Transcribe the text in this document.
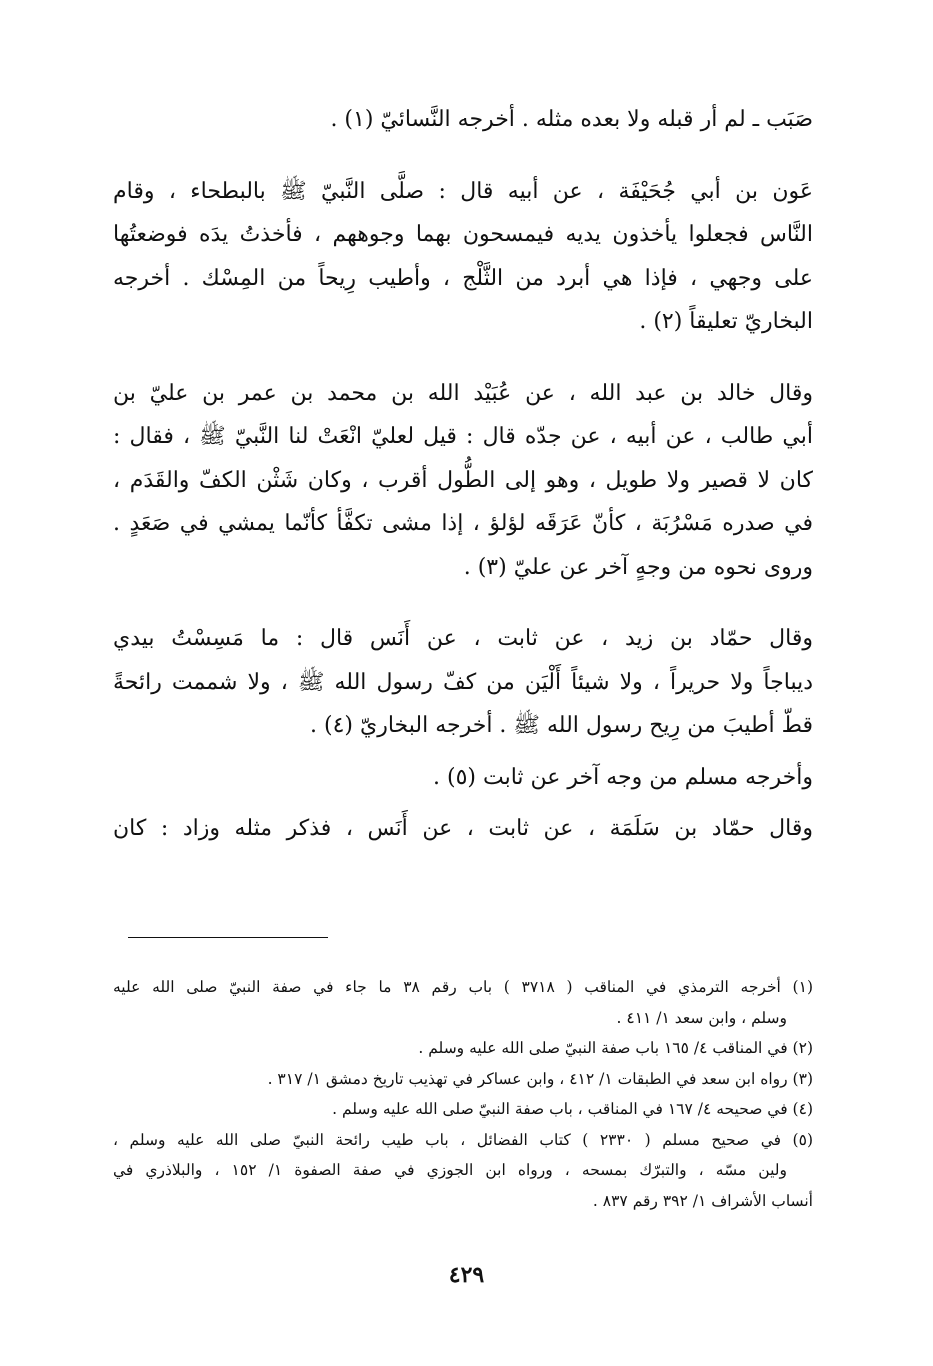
صَبَب ـ لم أر قبله ولا بعده مثله . أخرجه النَّسائيّ (١) .
عَون بن أبي جُحَيْفَة ، عن أبيه قال : صلَّى النَّبيّ ﷺ بالبطحاء ، وقام
النَّاس فجعلوا يأخذون يديه فيمسحون بهما وجوههم ، فأخذتُ يدَه فوضعتُها
على وجهي ، فإذا هي أبرد من الثَّلْج ، وأطيب رِيحاً من المِسْك . أخرجه
البخاريّ تعليقاً (٢) .
وقال خالد بن عبد الله ، عن عُبَيْد الله بن محمد بن عمر بن عليّ بن
أبي طالب ، عن أبيه ، عن جدّه قال : قيل لعليّ انْعَتْ لنا النَّبيّ ﷺ ، فقال :
كان لا قصير ولا طويل ، وهو إلى الطُّول أقرب ، وكان شَثْن الكفّ والقَدَم ،
في صدره مَسْرُبَة ، كأنّ عَرَقَه لؤلؤ ، إذا مشى تكفَّأ كأنّما يمشي في صَعَدٍ .
وروى نحوه من وجهٍ آخر عن عليّ (٣) .
وقال حمّاد بن زيد ، عن ثابت ، عن أَنَس قال : ما مَسِسْتُ بيدي
ديباجاً ولا حريراً ، ولا شيئاً أَلْيَن من كفّ رسول الله ﷺ ، ولا شممت رائحةً
قطّ أطيبَ من رِيح رسول الله ﷺ . أخرجه البخاريّ (٤) .
وأخرجه مسلم من وجه آخر عن ثابت (٥) .
وقال حمّاد بن سَلَمَة ، عن ثابت ، عن أَنَس ، فذكر مثله وزاد : كان
(١) أخرجه الترمذي في المناقب ( ٣٧١٨ ) باب رقم ٣٨ ما جاء في صفة النبيّ صلى الله عليه
وسلم ، وابن سعد ١/ ٤١١ .
(٢) في المناقب ٤/ ١٦٥ باب صفة النبيّ صلى الله عليه وسلم .
(٣) رواه ابن سعد في الطبقات ١/ ٤١٢ ، وابن عساكر في تهذيب تاريخ دمشق ١/ ٣١٧ .
(٤) في صحيحه ٤/ ١٦٧ في المناقب ، باب صفة النبيّ صلى الله عليه وسلم .
(٥) في صحيح مسلم ( ٢٣٣٠ ) كتاب الفضائل ، باب طيب رائحة النبيّ صلى الله عليه وسلم ،
ولين مسّه ، والتبرّك بمسحه ، ورواه ابن الجوزي في صفة الصفوة ١/ ١٥٢ ، والبلاذري في
أنساب الأشراف ١/ ٣٩٢ رقم ٨٣٧ .
٤٢٩
